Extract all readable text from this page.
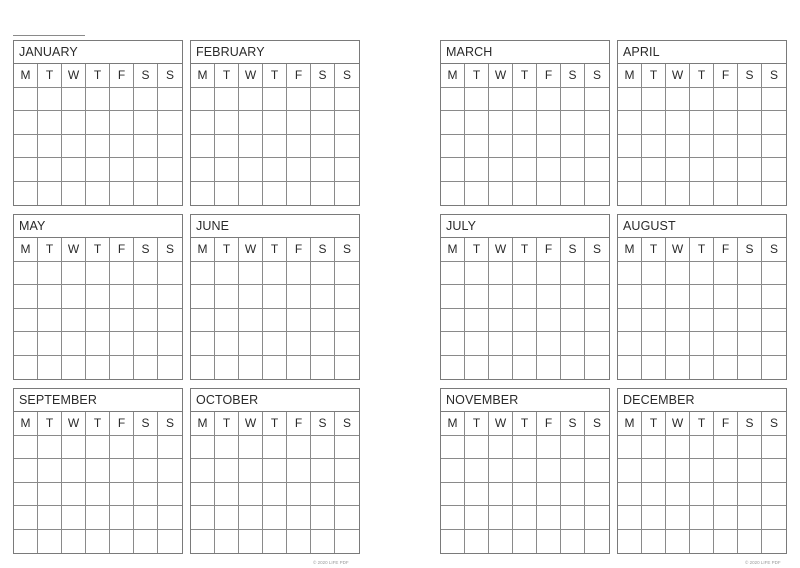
JANUARY
M	T	W	T	F	S	S
FEBRUARY
M	T	W	T	F	S	S
MARCH
M	T	W	T	F	S	S
APRIL
M	T	W	T	F	S	S
MAY
M	T	W	T	F	S	S
JUNE
M	T	W	T	F	S	S
JULY
M	T	W	T	F	S	S
AUGUST
M	T	W	T	F	S	S
SEPTEMBER
M	T	W	T	F	S	S
OCTOBER
M	T	W	T	F	S	S
NOVEMBER
M	T	W	T	F	S	S
DECEMBER
M	T	W	T	F	S	S
© 2020 LIFE PDF	© 2020 LIFE PDF
